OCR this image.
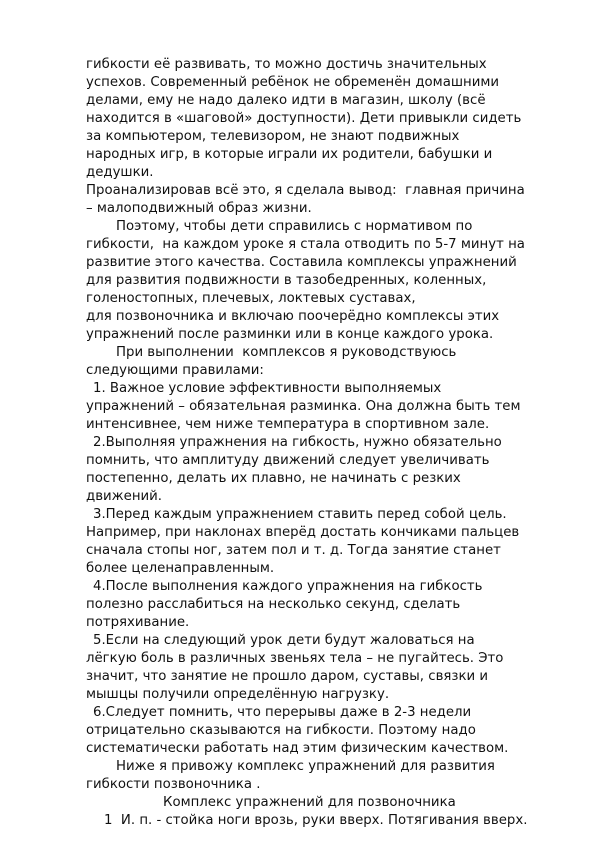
гибкости её развивать, то можно достичь значительных
успехов. Современный ребёнок не обременён домашними
делами, ему не надо далеко идти в магазин, школу (всё
находится в «шаговой» доступности). Дети привыкли сидеть
за компьютером, телевизором, не знают подвижных
народных игр, в которые играли их родители, бабушки и
дедушки.
Проанализировав всё это, я сделала вывод:  главная причина
– малоподвижный образ жизни.
Поэтому, чтобы дети справились с нормативом по
гибкости,  на каждом уроке я стала отводить по 5-7 минут на
развитие этого качества. Составила комплексы упражнений
для развития подвижности в тазобедренных, коленных,
голеностопных, плечевых, локтевых суставах,
для позвоночника и включаю поочерёдно комплексы этих
упражнений после разминки или в конце каждого урока.
При выполнении  комплексов я руководствуюсь
следующими правилами:
1. Важное условие эффективности выполняемых
упражнений – обязательная разминка. Она должна быть тем
интенсивнее, чем ниже температура в спортивном зале.
2.Выполняя упражнения на гибкость, нужно обязательно
помнить, что амплитуду движений следует увеличивать
постепенно, делать их плавно, не начинать с резких
движений.
3.Перед каждым упражнением ставить перед собой цель.
Например, при наклонах вперёд достать кончиками пальцев
сначала стопы ног, затем пол и т. д. Тогда занятие станет
более целенаправленным.
4.После выполнения каждого упражнения на гибкость
полезно расслабиться на несколько секунд, сделать
потряхивание.
5.Если на следующий урок дети будут жаловаться на
лёгкую боль в различных звеньях тела – не пугайтесь. Это
значит, что занятие не прошло даром, суставы, связки и
мышцы получили определённую нагрузку.
6.Следует помнить, что перерывы даже в 2-3 недели
отрицательно сказываются на гибкости. Поэтому надо
систематически работать над этим физическим качеством.
Ниже я привожу комплекс упражнений для развития
гибкости позвоночника .
Комплекс упражнений для позвоночника
1  И. п. - стойка ноги врозь, руки вверх. Потягивания вверх.
